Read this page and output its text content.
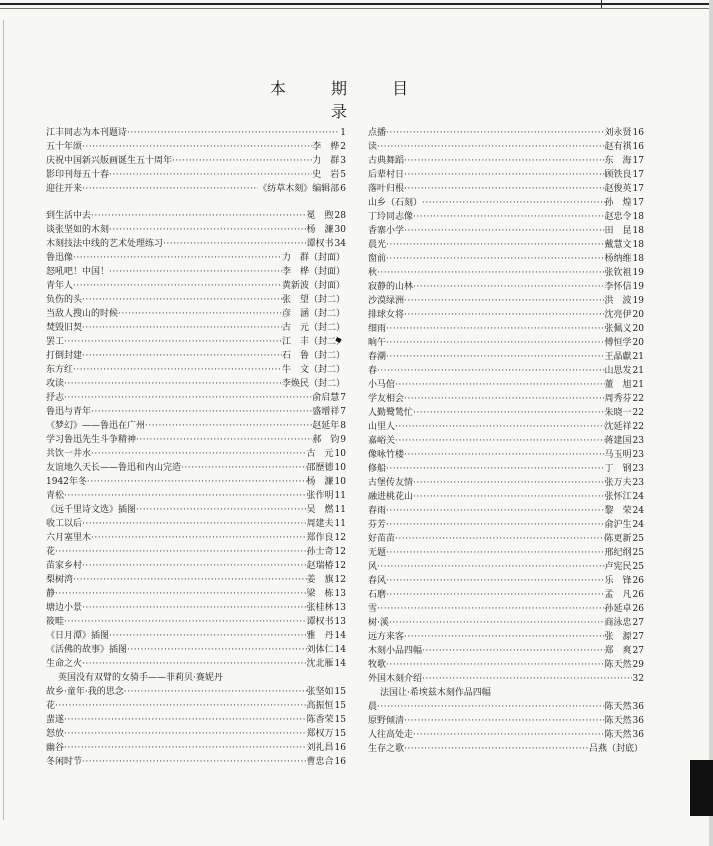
本 期 目 录
江丰同志为本刊题诗 ·····	1
五十年颂 ·····	李　桦 2
庆祝中国新兴版画诞生五十周年 ·····	力　群 3
影印刊每五十春 ·····	史　岩 5
迎往开来 ·····	《纺草木刻》编辑部 6
到生活中去 ·····	冕　煦 28
谈张坚如的木刻 ·····	杨　濂 30
木刻技法中线的艺术处理练习 ·····	谭权书 34
鲁迅像 ·····	力　群（封面）
怒吼吧！中国！ ·····	李　桦（封面）
青年人 ·····	黄新波（封面）
负伤的头 ·····	张　望（封二）
当敌人搜山的时候 ·····	彦　涵（封二）
焚毁旧契 ·····	古　元（封二）
罢工 ·····	江　丰（封二）
打倒封建 ·····	石　鲁（封二）
东方红 ·····	牛　文（封二）
攻读 ·····	李焕民（封二）
抒志 ·····	俞启慧 7
鲁迅与青年 ·····	盛增祥 7
《梦幻》——鲁迅在广州 ·····	赵延年 8
学习鲁迅先生斗争精神 ·····	郝　钧 9
共饮一井水 ·····	古　元 10
友谊地久天长——鲁迅和内山完造 ·····	邵歷德 10
1942年冬 ·····	杨　濂 10
青松 ·····	张作明 11
《远千里诗文选》插图 ·····	吴　燃 11
收工以后 ·····	周建夫 11
六月塞里木 ·····	郑作良 12
花 ·····	孙士奇 12
苗家乡村 ·····	赵瑞椿 12
梨树湾 ·····	姜　旗 12
静 ·····	梁　栋 13
塘边小景 ·····	张桂林 13
筱畦 ·····	谭权书 13
《日月潭》插图 ·····	雅　丹 14
《活佛的故事》插图 ·····	刘体仁 14
生命之火 ·····	沈北雁 14
英国没有双臂的女骑手——菲莉贝·赛妮丹
故乡·童年·我的思念 ·····	张坚如 15
花 ·····	高振恒 15
蜚遂 ·····	陈香荣 15
怒放 ·····	郑权万 15
幽谷 ·····	刘礼昌 16
冬闲时节 ·····	曹忠合 16
点播 ·····	刘永贤 16
读 ·····	赵有祺 16
古典舞蹈 ·····	东　海 17
后辈村日 ·····	顾铁良 17
落叶归根 ·····	赵俊英 17
山乡（石刻） ·····	孙　煌 17
丁玲同志像 ·····	赵忠令 18
香寨小学 ·····	田　昆 18
晨光 ·····	戴慧文 18
窗前 ·····	杨纳维 18
秋 ·····	张钦祖 19
寂静的山林 ·····	李怀信 19
沙漠绿洲 ·····	洪　波 19
排球女将 ·····	沈亮伊 20
细雨 ·····	张佩义 20
晌午 ·····	傅恒学 20
春潮 ·····	王晶獻 21
春 ·····	山思发 21
小马倌 ·····	董　旭 21
学友相会 ·····	周秀芬 22
人勤鹭鸶忙 ·····	朱晓一 22
山里人 ·····	沈延祥 22
嘉峪关 ·····	蒋建国 23
像咏竹楼 ·····	马玉明 23
修船 ·····	丁　钢 23
古堡传友情 ·····	张万夫 23
融进桃花山 ·····	张怀江 24
春雨 ·····	黎　荣 24
芬芳 ·····	俞沪生 24
好苗苗 ·····	陈更新 25
无题 ·····	邢纪纲 25
风 ·····	卢宪民 25
春风 ·····	乐　锋 26
石磨 ·····	孟　凡 26
雪 ·····	孙延卓 26
树·溪 ·····	商泳忠 27
远方来客 ·····	张　源 27
木刻小品四幅 ·····	郑　爽 27
牧歌 ·····	陈天然 29
外国木刻介绍 ·····	32
法国让·希埃兹木刻作品四幅
晨 ·····	陈天然 36
原野倾清 ·····	陈天然 36
人往高处走 ·····	陈天然 36
生存之歌 ·····	吕燕（封底）
